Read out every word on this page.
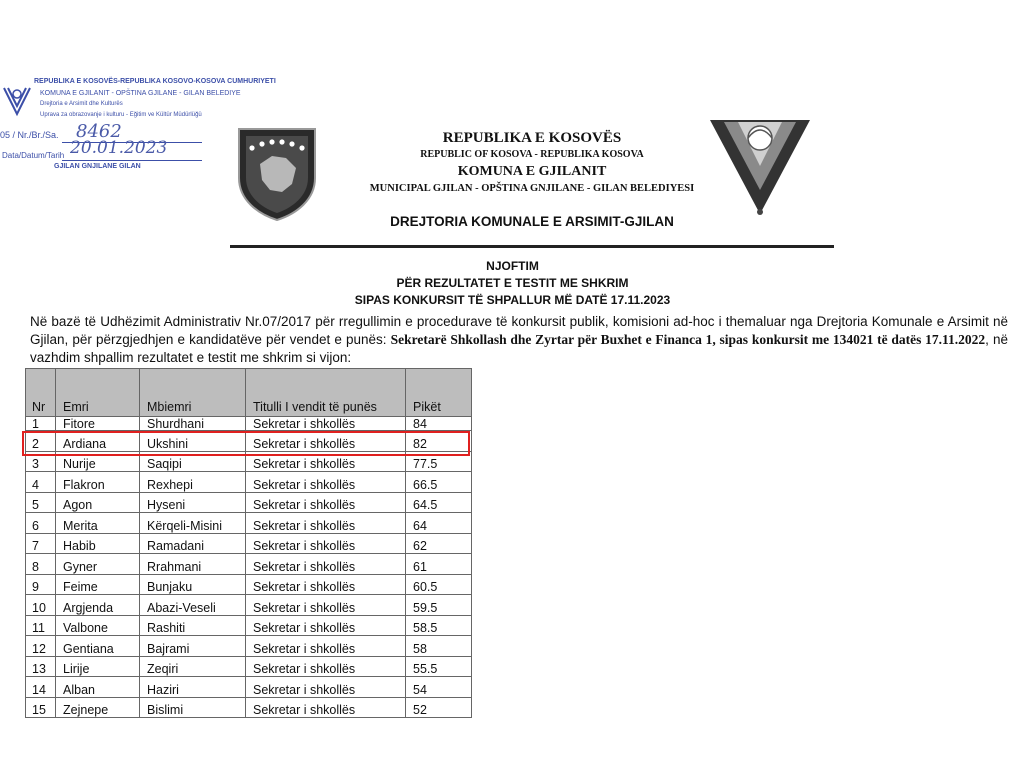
REPUBLIKA E KOSOVËS-REPUBLIKA KOSOVO-KOSOVA CUMHURIYETI
KOMUNA E GJILANIT - OPŠTINA GJILANE - GILAN BELEDIYE
Drejtoria e Arsimit dhe Kulturës
Uprava za obrazovanje i kulturu - Eğitim ve Kültür Müdürlüğü
05 / Nr./Br./Sa. 8462
Data/Datum/Tarih 20.01.2023
GJILAN GNJILANE GILAN
REPUBLIKA E KOSOVËS
REPUBLIC OF KOSOVA - REPUBLIKA KOSOVA
KOMUNA E GJILANIT
MUNICIPAL GJILAN - OPŠTINA GNJILANE - GILAN BELEDIYESI
DREJTORIA KOMUNALE E ARSIMIT-GJILAN
NJOFTIM
PËR REZULTATET E TESTIT ME SHKRIM
SIPAS KONKURSIT TË SHPALLUR MË DATË 17.11.2023
Në bazë të Udhëzimit Administrativ Nr.07/2017 për rregullimin e procedurave të konkursit publik, komisioni ad-hoc i themaluar nga Drejtoria Komunale e Arsimit në Gjilan, për përzgjedhjen e kandidatëve për vendet e punës: Sekretarë Shkollash dhe Zyrtar për Buxhet e Financa 1, sipas konkursit me 134021 të datës 17.11.2022, në vazhdim shpallim rezultatet e testit me shkrim si vijon:
Nr	Emri	Mbiemri	Titulli I vendit të punës	Pikët
1	Fitore	Shurdhani	Sekretar i shkollës	84
2	Ardiana	Ukshini	Sekretar i shkollës	82
3	Nurije	Saqipi	Sekretar i shkollës	77.5
4	Flakron	Rexhepi	Sekretar i shkollës	66.5
5	Agon	Hyseni	Sekretar i shkollës	64.5
6	Merita	Kërqeli-Misini	Sekretar i shkollës	64
7	Habib	Ramadani	Sekretar i shkollës	62
8	Gyner	Rrahmani	Sekretar i shkollës	61
9	Feime	Bunjaku	Sekretar i shkollës	60.5
10	Argjenda	Abazi-Veseli	Sekretar i shkollës	59.5
11	Valbone	Rashiti	Sekretar i shkollës	58.5
12	Gentiana	Bajrami	Sekretar i shkollës	58
13	Lirije	Zeqiri	Sekretar i shkollës	55.5
14	Alban	Haziri	Sekretar i shkollës	54
15	Zejnepe	Bislimi	Sekretar i shkollës	52
